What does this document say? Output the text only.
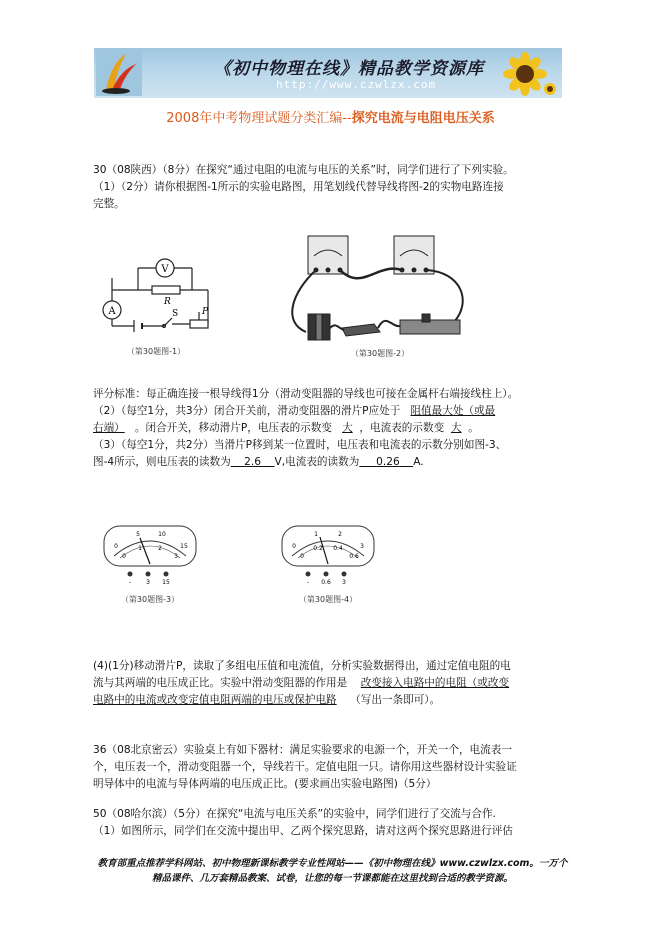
《初中物理在线》精品教学资源库
http://www.czwlzx.com
2008年中考物理试题分类汇编--探究电流与电阻电压关系

30（08陕西）（8分）在探究“通过电阻的电流与电压的关系”时，同学们进行了下列实验。

（1）（2分）请你根据图-1所示的实验电路图，用笔划线代替导线将图-2的实物电路连接

完整。

V
A
R
S	P
（第30题图-1）	（第30题图-2）

评分标准：每正确连接一根导线得1分（滑动变阻器的导线也可接在金属杆右端接线柱上）。

（2）（每空1分，共3分）闭合开关前，滑动变阻器的滑片P应处于 阻值最大处（或最

右端） 。闭合开关，移动滑片P，电压表的示数变 大 ，电流表的示数变 大 。

（3）（每空1分，共2分）当滑片P移到某一位置时，电压表和电流表的示数分别如图-3、

图-4所示，则电压表的读数为 2.6 V,电流表的读数为 0.26 A.

0
5	10
15
0
1	2
3
-	3 15
（第30题图-3）
0
1	2
3
0
0.2 0.4
0.6
- 0.6 3
（第30题图-4）

(4)(1分)移动滑片P，读取了多组电压值和电流值，分析实验数据得出，通过定值电阻的电

流与其两端的电压成正比。实验中滑动变阻器的作用是 改变接入电路中的电阻（或改变

电路中的电流或改变定值电阻两端的电压或保护电路 （写出一条即可）。

36（08北京密云）实验桌上有如下器材：满足实验要求的电源一个，开关一个，电流表一

个，电压表一个，滑动变阻器一个，导线若干。定值电阻一只。请你用这些器材设计实验证

明导体中的电流与导体两端的电压成正比。(要求画出实验电路图)（5分）

50（08哈尔滨）（5分）在探究“电流与电压关系”的实验中，同学们进行了交流与合作.

（1）如图所示，同学们在交流中提出甲、乙两个探究思路，请对这两个探究思路进行评估

教育部重点推荐学科网站、初中物理新课标教学专业性网站——《初中物理在线》www.czwlzx.com。一万个
精品课件、几万套精品教案、试卷，让您的每一节课都能在这里找到合适的教学资源。
